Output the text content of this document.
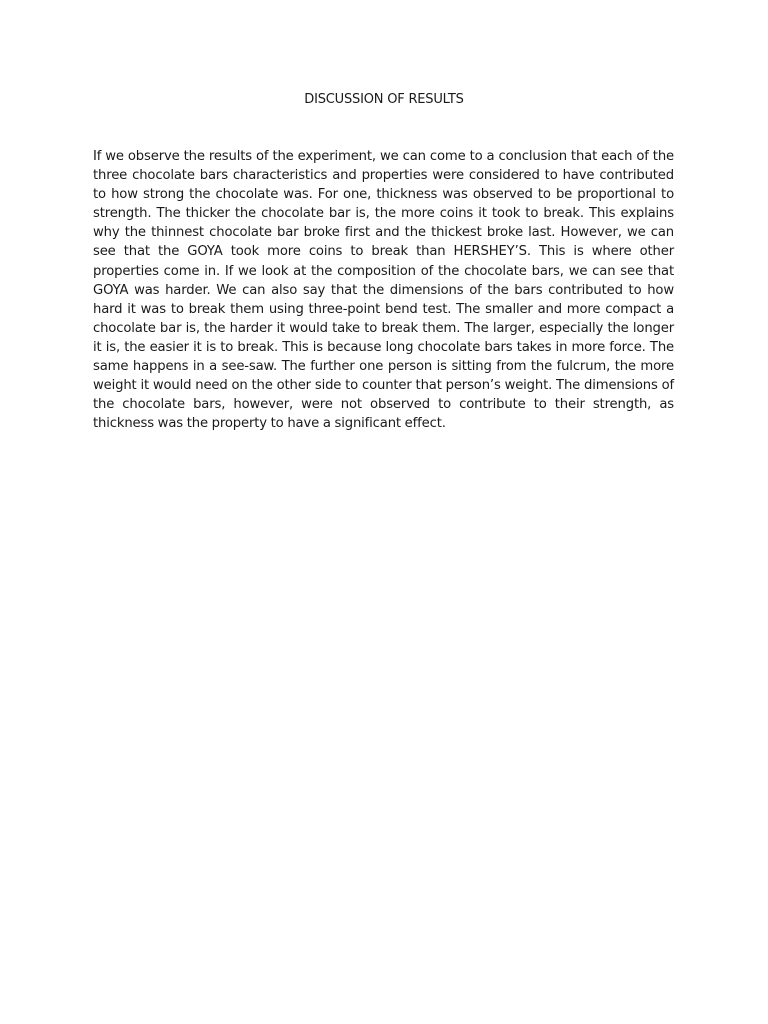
DISCUSSION OF RESULTS

If we observe the results of the experiment, we can come to a conclusion that each of the three chocolate bars characteristics and properties were considered to have contributed to how strong the chocolate was. For one, thickness was observed to be proportional to strength. The thicker the chocolate bar is, the more coins it took to break. This explains why the thinnest chocolate bar broke first and the thickest broke last. However, we can see that the GOYA took more coins to break than HERSHEY’S. This is where other properties come in. If we look at the composition of the chocolate bars, we can see that GOYA was harder. We can also say that the dimensions of the bars contributed to how hard it was to break them using three-point bend test. The smaller and more compact a chocolate bar is, the harder it would take to break them. The larger, especially the longer it is, the easier it is to break. This is because long chocolate bars takes in more force. The same happens in a see-saw. The further one person is sitting from the fulcrum, the more weight it would need on the other side to counter that person’s weight. The dimensions of the chocolate bars, however, were not observed to contribute to their strength, as thickness was the property to have a significant effect.
